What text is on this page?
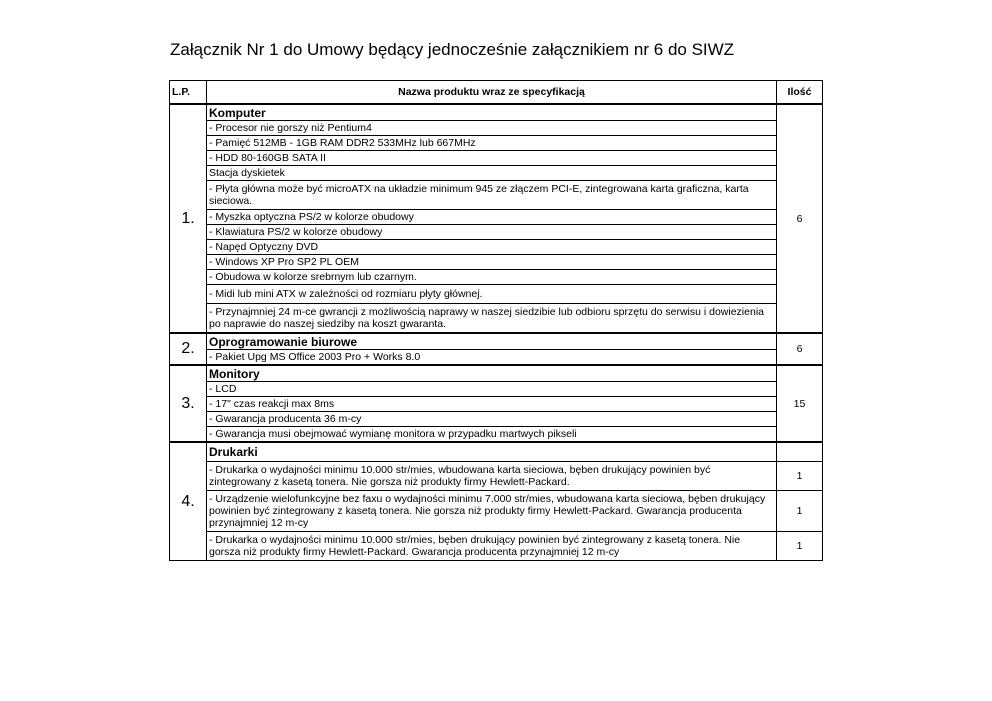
Załącznik Nr 1 do Umowy będący jednocześnie załącznikiem nr 6 do SIWZ
L.P.	Nazwa produktu wraz ze specyfikacją	Ilość
1.	Komputer	6
	- Procesor nie gorszy niż Pentium4	
	- Pamięć 512MB - 1GB RAM DDR2 533MHz lub 667MHz	
	- HDD 80-160GB SATA II	
	Stacja dyskietek	
	- Płyta główna może być microATX na układzie minimum 945 ze złączem PCI-E, zintegrowana karta graficzna, karta sieciowa.	
	- Myszka optyczna PS/2 w kolorze obudowy	
	- Klawiatura PS/2 w kolorze obudowy	
	- Napęd Optyczny DVD	
	- Windows XP Pro SP2 PL OEM	
	- Obudowa w kolorze srebrnym lub czarnym.	
	- Midi lub mini ATX w zależności od rozmiaru płyty głównej.	
	- Przynajmniej 24 m-ce gwrancji z możliwością naprawy w naszej siedzibie lub odbioru sprzętu do serwisu i dowiezienia po naprawie do naszej siedziby na koszt gwaranta.	
2.	Oprogramowanie biurowe	6
	- Pakiet Upg MS Office 2003 Pro + Works 8.0	
3.	Monitory	15
	- LCD	
	- 17" czas reakcji max 8ms	
	- Gwarancja producenta 36 m-cy	
	- Gwarancja musi obejmować wymianę monitora w przypadku martwych pikseli	
4.	Drukarki	
	- Drukarka o wydajności minimu 10.000 str/mies, wbudowana karta sieciowa, bęben drukujący powinien być zintegrowany z kasetą tonera. Nie gorsza niż produkty firmy Hewlett-Packard.	1
	- Urządzenie wielofunkcyjne bez faxu o wydajności minimu 7.000 str/mies, wbudowana karta sieciowa, bęben drukujący powinien być zintegrowany z kasetą tonera. Nie gorsza niż produkty firmy Hewlett-Packard. Gwarancja producenta przynajmniej 12 m-cy	1
	- Drukarka o wydajności minimu 10.000 str/mies, bęben drukujący powinien być zintegrowany z kasetą tonera. Nie gorsza niż produkty firmy Hewlett-Packard. Gwarancja producenta przynajmniej 12 m-cy	1
